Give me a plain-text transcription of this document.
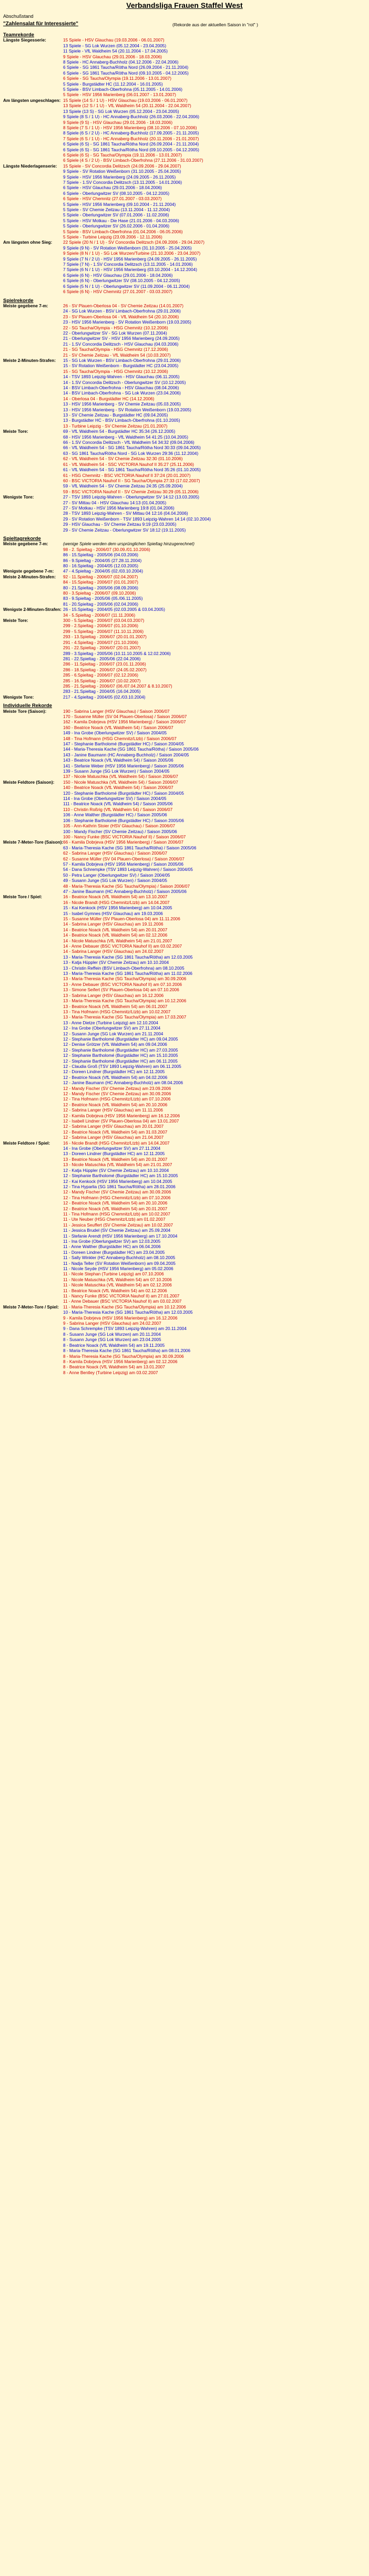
Verbandsliga Frauen Staffel West
Abschußstand
"Zahlensalat für Interessierte"	(Rekorde aus der aktuellen Saison in "rot" )
Teamrekorde	
Längste Siegesserie:	15 Spiele - HSV Glauchau (19.03.2006 - 06.01.2007)
	13 Spiele - SG Lok Wurzen (05.12.2004 - 23.04.2005)
	11 Spiele - VfL Waldheim 54 (20.11.2004 - 17.04.2005)
	9 Spiele - HSV Glauchau (29.01.2006 - 18.03.2006)
	8 Spiele - HC Annaberg-Buchholz (04.12.2006 - 22.04.2006)
	6 Spiele - SG 1861 Taucha/Rötha Nord (26.09.2004 - 21.11.2004)
	6 Spiele - SG 1861 Taucha/Rötha Nord (09.10.2005 - 04.12.2005)
	6 Spiele - SG Taucha/Olympia (19.11.2006 - 13.01.2007)
	5 Spiele - Burgstädter HC (11.12.2004 - 16.01.2005)
	5 Spiele - BSV Limbach-Oberfrohna (05.11.2005 - 14.01.2006)
	5 Spiele - HSV 1956 Marienberg (06.01.2007 - 13.01.2007)
Am längsten ungeschlagen:	15 Spiele (14 S / 1 U) - HSV Glauchau (19.03.2006 - 06.01.2007)
	13 Spiele (12 S / 1 U) - VfL Waldheim 54 (20.11.2004 - 22.04.2007)
	13 Spiele (13 S) - SG Lok Wurzen (05.12.2004 - 23.04.2005)
	9 Spiele (8 S / 1 U) - HC Annaberg-Buchholz (26.03.2006 - 22.04.2006)
	9 Spiele (9 S) - HSV Glauchau (29.01.2006 - 18.03.2006)
	8 Spiele (7 S / 1 U) - HSV 1956 Marienberg (08.10.2006 - 07.10.2006)
	8 Spiele (6 S / 2 U) - HC Annaberg-Buchholz (17.09.2005 - 21.11.2005)
	7 Spiele (6 S / 1 U) - HC Annaberg-Buchholz (20.11.2006 - 21.01.2007)
	6 Spiele (6 S) - SG 1861 Taucha/Rötha Nord (26.09.2004 - 21.11.2004)
	6 Spiele (6 S) - SG 1861 Taucha/Rötha Nord (09.10.2005 - 04.12.2005)
	6 Spiele (6 S) - SG Taucha/Olympia (19.11.2006 - 13.01.2007)
	6 Spiele (4 S / 2 U) - BSV Limbach-Oberfrohna (27.11.2006 - 31.03.2007)
Längste Niederlagenserie:	15 Spiele - SV Concordia Delitzsch (24.09.2006 - 29.04.2007)
	9 Spiele - SV Rotation Weißenborn (31.10.2005 - 25.04.2005)
	9 Spiele - HSV 1956 Marienberg (24.09.2005 - 26.11.2005)
	7 Spiele - 1.SV Concordia Delitzsch (13.11.2005 - 14.01.2006)
	6 Spiele - HSV Glauchau (29.01.2006 - 18.04.2006)
	6 Spiele - Oberlungwitzer SV (08.10.2005 - 04.12.2005)
	6 Spiele - HSV Chemnitz (27.01.2007 - 03.03.2007)
	5 Spiele - HSV 1956 Marienberg (09.10.2004 - 21.11.2004)
	5 Spiele - SV Chemie Zeitzau (13.11.2004 - 11.12.2004)
	5 Spiele - Oberlungwitzer SV (07.01.2006 - 11.02.2006)
	5 Spiele - HSV Motkau - Die Hase (21.01.2006 - 04.03.2006)
	5 Spiele - Oberlungwitzer SV (26.02.2006 - 01.04.2006)
	5 Spiele - BSV Limbach-Oberfrohna (01.04.2006 - 06.05.2006)
	5 Spiele - Turbine Leipzig (23.09.2006 - 12.11.2006)
Am längsten ohne Sieg:	22 Spiele (20 N / 1 U) - SV Concordia Delitzsch (24.09.2006 - 29.04.2007)
	9 Spiele (9 N) - SV Rotation Weißenborn (31.10.2005 - 25.04.2005)
	9 Spiele (8 N / 1 U) - SG Lok Wurzen/Turbine (21.10.2006 - 23.04.2007)
	9 Spiele (7 N / 2 U) - HSV 1956 Marienberg (24.09.2005 - 26.11.2005)
	7 Spiele (7 N) - 1.SV Concordia Delitzsch (13.11.2005 - 14.01.2006)
	7 Spiele (6 N / 1 U) - HSV 1956 Marienberg (03.10.2004 - 14.12.2004)
	6 Spiele (6 N) - HSV Glauchau (29.01.2006 - 18.04.2006)
	6 Spiele (6 N) - Oberlungwitzer SV (08.10.2005 - 04.12.2005)
	6 Spiele (5 N / 1 U) - Oberlungwitzer SV (11.09.2004 - 06.11.2004)
	6 Spiele (6 N) - HSV Chemnitz (27.01.2007 - 03.03.2007)
Spielrekorde	
Meiste gegebene 7-m:	26 - SV Plauen-Oberlosa 04 - SV Chemie Zeitzau (14.01.2007)
	24 - SG Lok Wurzen - BSV Limbach-Oberfrohna (29.01.2006)
	23 - SV Plauen-Oberlosa 04 - VfL Waldheim 54 (20.10.2006)
	23 - HSV 1956 Marienberg - SV Rotation Weißenborn (19.03.2005)
	22 - SG Taucha/Olympia - HSG Chemnitz (10.12.2006)
	22 - Oberlungwitzer SV - SG Lok Wurzen (07.11.2004)
	21 - Oberlungwitzer SV - HSV 1956 Marienberg (24.09.2005)
	21 - 1.SV Concordia Delitzsch - HSV Glauchau (04.03.2006)
	21 - SG Taucha/Olympia - HSG Chemnitz (17.12.2006)
	21 - SV Chemie Zeitzau - VfL Waldheim 54 (10.03.2007)
Meiste 2-Minuten-Strafen:	15 - SG Lok Wurzen - BSV Limbach-Oberfrohna (29.01.2006)
	15 - SV Rotation Weißenborn - Burgstädter HC (23.04.2005)
	15 - SG Taucha/Olympia - HSG Chemnitz (10.12.2006)
	14 - TSV 1893 Leipzig-Wahren - HSV Glauchau (06.11.2005)
	14 - 1.SV Concordia Delitzsch - Oberlungwitzer SV (10.12.2005)
	14 - BSV Limbach-Oberfrohna - HSV Glauchau (08.04.2006)
	14 - BSV Limbach-Oberfrohna - SG Lok Wurzen (23.04.2006)
	14 - Oberlosa 04 - Burgstädter HC (14.12.2006)
	13 - HSV 1956 Marienberg - SV Chemie Zeitzau (05.03.2005)
	13 - HSV 1956 Marienberg - SV Rotation Weißenborn (19.03.2005)
	13 - SV Chemie Zeitzau - Burgstädter HC (09.04.2005)
	13 - Burgstädter HC - BSV Limbach-Oberfrohna (01.10.2005)
	13 - Turbine Leipzig - SV Chemie Zeitzau (21.01.2007)
Meiste Tore:	69 - VfL Waldheim 54 - Burgstädter HC 35:34 (26.12.2005)
	68 - HSV 1956 Marienberg - VfL Waldheim 54 41:25 (10.04.2005)
	66 - 1.SV Concordia Delitzsch - VfL Waldheim 54 34:32 (09.04.2006)
	66 - VfL Waldheim 54 - SG 1861 Taucha/Rötha Nord 30:33 (09.04.2005)
	63 - SG 1861 Taucha/Rötha Nord - SG Lok Wurzen 29:36 (11.12.2004)
	62 - VfL Waldheim 54 - SV Chemie Zeitzau 32:30 (01.10.2006)
	61 - VfL Waldheim 54 - SSC VICTORIA Nauhof II 35:27 (25.11.2006)
	61 - VfL Waldheim 54 - SG 1861 Taucha/Rötha Nord 35:26 (01.10.2005)
	61 - HSG Chemnitz - BSC VICTORIA Nauhof II 37:24 (20.01.2007)
	60 - BSC VICTORIA Nauhof II - SG Taucha/Olympia 27:33 (17.02.2007)
	59 - VfL Waldheim 54 - SV Chemie Zeitzau 24:35 (25.09.2004)
	59 - BSC VICTORIA Nauhof II - SV Chemie Zeitzau 30:29 (05.11.2006)
Wenigste Tore:	27 - TSV 1893 Leipzig-Wahren - Oberlungwitzer SV 14:12 (13.03.2005)
	27 - SV Mittau 04 - HSV Glauchau 14:13 (01.04.2005)
	27 - SV Motkau - HSV 1956 Marienberg 19:8 (01.04.2006)
	28 - TSV 1893 Leipzig-Wahren - SV Mittau 04 12:16 (04.04.2006)
	29 - SV Rotation Weißenborn - TSV 1893 Leipzig-Wahren 14:14 (02.10.2004)
	29 - HSV Glauchau - SV Chemie Zeitzau 9:19 (23.03.2005)
	29 - SV Chemie Zeitzau - Oberlungwitzer SV 18:12 (19.11.2005)
Spieltagrekorde	
Meiste gegebene 7-m:	(wenige Spiele werden dem ursprünglichen Spieltag hinzugerechnet)
	98 - 2. Spieltag - 2006/07 (30.09./01.10.2006)
	86 - 15.Spieltag - 2005/06 (04.03.2006)
	86 - 9.Spieltag - 2004/05 (27.28.11.2004)
	80 - 16.Spieltag - 2004/05 (12.03.2005)
Wenigste gegebene 7-m:	47 - 4.Spieltag - 2004/05 (02./03.10.2004)
Meiste 2-Minuten-Strafen:	92 - 11.Spieltag - 2006/07 (02.04.2007)
	84 - 15.Spieltag - 2006/07 (01.01.2007)
	80 - 21.Spieltag - 2005/06 (08.09.2006)
	80 - 3.Spieltag - 2006/07 (09.10.2006)
	83 - 9.Spieltag - 2005/06 (05./06.11.2005)
	81 - 20.Spieltag - 2005/06 (02.04.2006)
Wenigste 2-Minuten-Strafen:	26 - 15.Spieltag - 2004/05 (02.03.2005 & 03.04.2005)
	34 - 5.Spieltag - 2006/07 (11.11.2006)
Meiste Tore:	300 - 5.Spieltag - 2006/07 (03.04.03.2007)
	299 - 2.Spieltag - 2006/07 (01.10.2006)
	299 - 5.Spieltag - 2006/07 (11.10.11.2006)
	293 - 13.Spieltag - 2006/07 (20.01.01.2007)
	291 - 4.Spieltag - 2006/07 (21.10.2006)
	291 - 22.Spieltag - 2006/07 (20.01.2007)
	289 - 3.Spieltag - 2005/06 (10.11.10.2005 & 12.02.2006)
	281 - 22.Spieltag - 2005/06 (22.04.2006)
	286 - 11.Spieltag - 2006/07 (23.01.11.2006)
	286 - 18.Spieltag - 2006/07 (24.05.02.2007)
	285 - 6.Spieltag - 2006/07 (02.12.2006)
	285 - 16.Spieltag - 2006/07 (10.02.2007)
	285 - 21.Spieltag - 2006/07 (06./07.04.2007 & 8.10.2007)
	283 - 21.Spieltag - 2004/05 (16.04.2005)
Wenigste Tore:	217 - 4.Spieltag - 2004/05 (02./03.10.2004)
Individuelle Rekorde	
Meiste Tore (Saison):	190 - Sabrina Langer (HSV Glauchau) / Saison 2006/07
	170 - Susanne Müller (SV 04 Plauen-Oberlosa) / Saison 2006/07
	162 - Kamila Dobrjeva (HSV 1956 Marienberg) / Saison 2006/07
	160 - Beatrice Noack (VfL Waldheim 54) / Saison 2006/07
	149 - Ina Grobe (Oberlungwitzer SV) / Saison 2004/05
	148 - Tina Hofmann (HSG Chemnitz/Ltzb) / Saison 2006/07
	147 - Stephanie Bartholomé (Burgstädter HC) / Saison 2004/05
	144 - Maria-Theresia Kache (SG 1861 Taucha/Rötha) / Saison 2005/06
	143 - Janine Baumann (HC Annaberg-Buchholz) / Saison 2004/05
	143 - Beatrice Noack (VfL Waldheim 54) / Saison 2005/06
	141 - Stefanie Weber (HSV 1956 Marienberg) / Saison 2005/06
	139 - Susann Junge (SG Lok Wurzen) / Saison 2004/05
	137 - Nicole Matuschka (VfL Waldheim 54) / Saison 2006/07
Meiste Feldtore (Saison):	150 - Nicole Matuschka (VfL Waldheim 54) / Saison 2006/07
	140 - Beatrice Noack (VfL Waldheim 54) / Saison 2006/07
	120 - Stephanie Bartholomé (Burgstädter HC) / Saison 2004/05
	114 - Ina Grobe (Oberlungwitzer SV) / Saison 2004/05
	111 - Beatrice Noack (VfL Waldheim 54) / Saison 2005/06
	110 - Christin Roßrig (VfL Waldheim 54) / Saison 2006/07
	106 - Anne Walther (Burgstädter HC) / Saison 2005/06
	106 - Stephanie Bartholomé (Burgstädter HC) / Saison 2005/06
	105 - Ann-Kathrin Stoier (HSV Glauchau) / Saison 2006/07
	100 - Mandy Fischer (SV Chemie Zeitzau) / Saison 2005/06
	100 - Nancy Funke (BSC VICTORIA Nauhof II) / Saison 2006/07
Meiste 7-Meter-Tore (Saison):	66 - Kamila Dobrjeva (HSV 1956 Marienberg) / Saison 2006/07
	63 - Maria-Theresia Kache (SG 1861 Taucha/Rötha) / Saison 2005/06
	62 - Sabrina Langer (HSV Glauchau) / Saison 2006/07
	62 - Susanne Müller (SV 04 Plauen-Oberlosa) / Saison 2006/07
	57 - Kamila Dobrjeva (HSV 1956 Marienberg) / Saison 2005/06
	54 - Dana Schrempke (TSV 1893 Leipzig-Wahren) / Saison 2004/05
	50 - Petra Langer (Oberlungwitzer SV) / Saison 2004/05
	49 - Susann Junge (SG Lok Wurzen) / Saison 2004/05
	48 - Maria-Theresia Kache (SG Taucha/Olympia) / Saison 2006/07
	47 - Janine Baumann (HC Annaberg-Buchholz) / Saison 2005/06
Meiste Tore / Spiel:	16 - Beatrice Noack (VfL Waldheim 54) am 13.10.2007
	16 - Nicole Brandt (HSG Chemnitz/Ltzb) am 14.04.2007
	15 - Kai Kenkock (HSV 1956 Marienberg) am 10.04.2005
	15 - Isabel Gymnes (HSV Glauchau) am 19.03.2006
	15 - Susanne Müller (SV Plauen-Oberlosa 04) am 11.11.2006
	14 - Sabrina Langer (HSV Glauchau) am 19.11.2006
	14 - Beatrice Noack (VfL Waldheim 54) am 20.01.2007
	14 - Beatrice Noack (VfL Waldheim 54) am 02.12.2006
	14 - Nicole Matuschka (VfL Waldheim 54) am 21.01.2007
	14 - Anne Debauer (BSC VICTORIA Nauhof II) am 03.02.2007
	14 - Sabrina Langer (HSV Glauchau) am 24.02.2007
	13 - Maria-Theresia Kache (SG 1861 Taucha/Rötha) am 12.03.2005
	13 - Katja Hüppler (SV Chemie Zeitzau) am 10.10.2004
	13 - Christin Reffein (BSV Limbach-Oberfrohna) am 08.10.2005
	13 - Maria-Theresia Kache (SG 1861 Taucha/Rötha) am 11.02.2006
	13 - Maria-Theresia Kache (SG Taucha/Olympia) am 30.09.2006
	13 - Anne Debauer (BSC VICTORIA Nauhof II) am 07.10.2006
	13 - Simone Seifert (SV Plauen-Oberlosa 04) am 07.10.2006
	13 - Sabrina Langer (HSV Glauchau) am 16.12.2006
	13 - Maria-Theresia Kache (SG Taucha/Olympia) am 10.12.2006
	13 - Beatrice Noack (VfL Waldheim 54) am 06.01.2007
	13 - Tina Hofmann (HSG Chemnitz/Ltzb) am 10.02.2007
	13 - Maria-Theresia Kache (SG Taucha/Olympia) am 17.03.2007
	13 - Anne Dietze (Turbine Leipzig) am 12.10.2004
	12 - Ina Grobe (Oberlungwitzer SV) am 27.11.2004
	12 - Susann Junge (SG Lok Wurzen) am 21.11.2004
	12 - Stephanie Bartholomé (Burgstädter HC) am 09.04.2005
	12 - Denise Grötzer (VfL Waldheim 54) am 09.04.2006
	12 - Stephanie Bartholomé (Burgstädter HC) am 27.03.2005
	12 - Stephanie Bartholomé (Burgstädter HC) am 15.10.2005
	12 - Stephanie Bartholomé (Burgstädter HC) am 06.11.2005
	12 - Claudia Groß (TSV 1893 Leipzig-Wahren) am 06.11.2005
	12 - Doreen Lindner (Burgstädter HC) am 12.11.2005
	12 - Beatrice Noack (VfL Waldheim 54) am 04.02.2006
	12 - Janine Baumann (HC Annaberg-Buchholz) am 08.04.2006
	12 - Mandy Fischer (SV Chemie Zeitzau) am 23.09.2006
	12 - Mandy Fischer (SV Chemie Zeitzau) am 30.09.2006
	12 - Tina Hofmann (HSG Chemnitz/Ltzb) am 07.10.2006
	12 - Beatrice Noack (VfL Waldheim 54) am 20.10.2006
	12 - Sabrina Langer (HSV Glauchau) am 11.11.2006
	12 - Kamila Dobrjeva (HSV 1956 Marienberg) am 16.12.2006
	12 - Isabell Lindner (SV Plauen-Oberlosa 04) am 13.01.2007
	12 - Sabrina Langer (HSV Glauchau) am 20.01.2007
	12 - Beatrice Noack (VfL Waldheim 54) am 31.03.2007
	12 - Sabrina Langer (HSV Glauchau) am 21.04.2007
Meiste Feldtore / Spiel:	16 - Nicole Brandt (HSG Chemnitz/Ltzb) am 14.04.2007
	14 - Ina Grobe (Oberlungwitzer SV) am 27.11.2004
	13 - Doreen Lindner (Burgstädter HC) am 12.11.2005
	13 - Beatrice Noack (VfL Waldheim 54) am 20.01.2007
	13 - Nicole Matuschka (VfL Waldheim 54) am 21.01.2007
	12 - Katja Hüppler (SV Chemie Zeitzau) am 10.10.2004
	12 - Stephanie Bartholomé (Burgstädter HC) am 15.10.2005
	12 - Kai Kenkock (HSV 1956 Marienberg) am 10.04.2005
	12 - Tina Hyparlia (SG 1861 Taucha/Rötha) am 28.01.2006
	12 - Mandy Fischer (SV Chemie Zeitzau) am 30.09.2006
	12 - Tina Hofmann (HSG Chemnitz/Ltzb) am 07.10.2006
	12 - Beatrice Noack (VfL Waldheim 54) am 20.10.2006
	12 - Beatrice Noack (VfL Waldheim 54) am 20.01.2007
	11 - Tina Hofmann (HSG Chemnitz/Ltzb) am 10.02.2007
	11 - Ute Neuber (HSG Chemnitz/Ltzb) am 01.02.2007
	11 - Jessica Seuffert (SV Chemie Zeitzau) am 10.02.2007
	11 - Jessica Brudel (SV Chemie Zeitzau) am 25.09.2004
	11 - Stefanie Arendt (HSV 1956 Marienberg) am 17.10.2004
	11 - Ina Grobe (Oberlungwitzer SV) am 12.03.2005
	11 - Anne Walther (Burgstädter HC) am 06.04.2006
	11 - Doreen Lindner (Burgstädter HC) am 23.04.2005
	11 - Sally Winkler (HC Annaberg-Buchholz) am 08.10.2005
	11 - Nadja Teller (SV Rotation Weißenborn) am 09.04.2005
	11 - Nicole Seyde (HSV 1956 Marienberg) am 05.02.2006
	11 - Nicole Stephan (Turbine Leipzig) am 07.10.2006
	11 - Nicole Matuschka (VfL Waldheim 54) am 07.10.2006
	11 - Nicole Matuschka (VfL Waldheim 54) am 02.12.2006
	11 - Beatrice Noack (VfL Waldheim 54) am 02.12.2006
	11 - Nancy Funke (BSC VICTORIA Nauhof II) am 27.01.2007
	11 - Anne Debauer (BSC VICTORIA Nauhof II) am 03.02.2007
Meiste 7-Meter-Tore / Spiel:	11 - Maria-Theresia Kache (SG Taucha/Olympia) am 10.12.2006
	10 - Maria-Theresia Kache (SG 1861 Taucha/Rötha) am 12.03.2005
	9 - Kamila Dobrjeva (HSV 1956 Marienberg) am 16.12.2006
	9 - Sabrina Langer (HSV Glauchau) am 24.02.2007
	9 - Dana Schrempke (TSV 1893 Leipzig-Wahren) am 20.11.2004
	8 - Susann Junge (SG Lok Wurzen) am 20.11.2004
	8 - Susann Junge (SG Lok Wurzen) am 23.04.2005
	8 - Beatrice Noack (VfL Waldheim 54) am 19.11.2005
	8 - Maria-Theresia Kache (SG 1861 Taucha/Rötha) am 08.01.2006
	8 - Maria-Theresia Kache (SG Taucha/Olympia) am 30.09.2006
	8 - Kamila Dobrjeva (HSV 1956 Marienberg) am 02.12.2006
	8 - Beatrice Noack (VfL Waldheim 54) am 13.01.2007
	8 - Anne Bentley (Turbine Leipzig) am 03.02.2007
